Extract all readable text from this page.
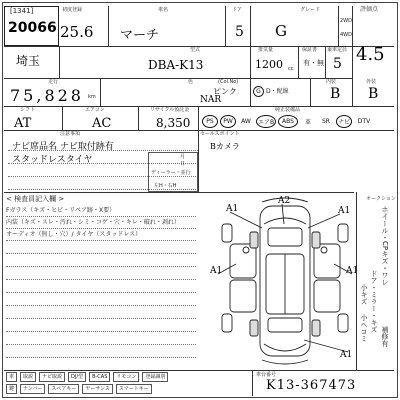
[1341]
20066
初度登録
25.6
車名
マーチ
ドア
5
グレード
G
2WD
4WD
評価点
埼玉
型式
DBA-K13
排気量
1200 cc
保証書
有・無
乗車定員
5 4.5
走行
75,828 km
色	(Col.No)
ピンク
NAR
G D・配線
内装
B
外装
B
シフト
AT
エアコン
AC
リサイクル預託金
8,350
純正装備品
PS	PW	AW	エアB	ABS	革	SR	ナビ	DTV
注意事項
ナビ席品名 ナビ取付跡有
スタッドレスタイヤ
セールスポイント
Bカメラ
月
日
ディーラー・並行
左H・右H
< 検査員記入欄 >
Fガラス（キズ・ヒビ・リペア跡・X要）
内装（キズ・スレ・汚れ・シミ・コゲ・穴・キレ・破れ・剥れ）
オーディオ（無し・穴）/ タイヤ（スタッドレス）
A2
A1	A1
A1	A1
A1
オークション
ホイール・CPキズ・ワレ
ドア・ミラー・キズ
小キズ
小ヘコミ 補修有
車	取説	ナビ取説	DJ/型	B-CAS	リモコン	登録識別
鍵	ナンバー	スペアキー	ヤーサンス	スマートキー
車台番号
K13-367473
